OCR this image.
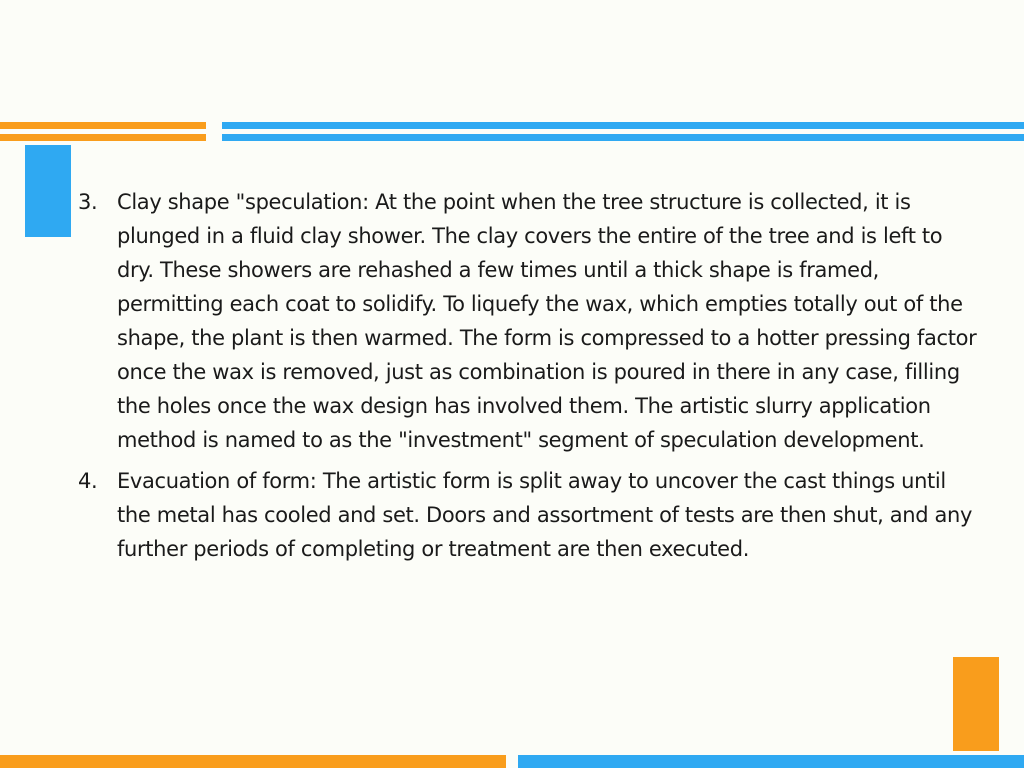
3. Clay shape "speculation: At the point when the tree structure is collected, it is plunged in a fluid clay shower. The clay covers the entire of the tree and is left to dry. These showers are rehashed a few times until a thick shape is framed, permitting each coat to solidify. To liquefy the wax, which empties totally out of the shape, the plant is then warmed. The form is compressed to a hotter pressing factor once the wax is removed, just as combination is poured in there in any case, filling the holes once the wax design has involved them. The artistic slurry application method is named to as the "investment" segment of speculation development.
4. Evacuation of form: The artistic form is split away to uncover the cast things until the metal has cooled and set. Doors and assortment of tests are then shut, and any further periods of completing or treatment are then executed.
